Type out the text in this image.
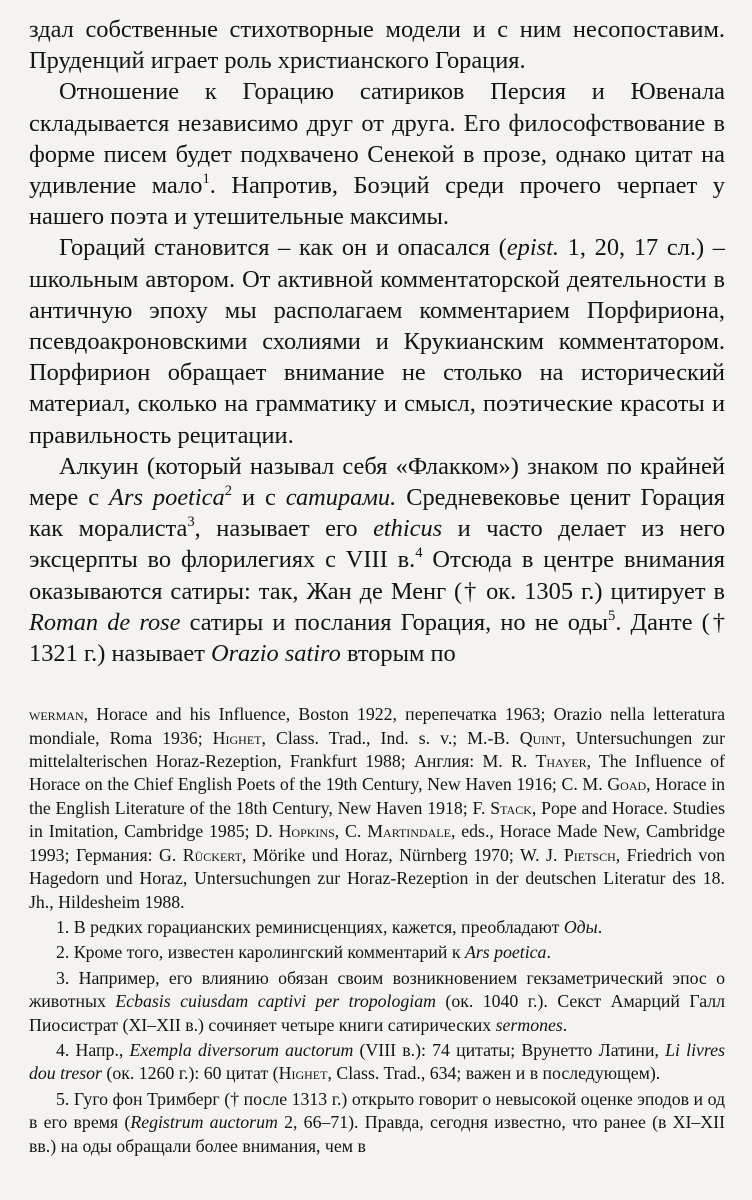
здал собственные стихотворные модели и с ним несопоставим. Пруденций играет роль христианского Горация.

Отношение к Горацию сатириков Персия и Ювенала складывается независимо друг от друга. Его философствование в форме писем будет подхвачено Сенекой в прозе, однако цитат на удивление мало$^1$. Напротив, Боэций среди прочего черпает у нашего поэта и утешительные максимы.

Гораций становится – как он и опасался (epist. 1, 20, 17 сл.) – школьным автором. От активной комментаторской деятельности в античную эпоху мы располагаем комментарием Порфириона, псевдоакроновскими схолиями и Крукианским комментатором. Порфирион обращает внимание не столько на исторический материал, сколько на грамматику и смысл, поэтические красоты и правильность рецитации.

Алкуин (который называл себя «Флакком») знаком по крайней мере с Ars poetica$^2$ и с сатирами. Средневековье ценит Горация как моралиста$^3$, называет его ethicus и часто делает из него эксцерпты во флорилегиях с VIII в.$^4$ Отсюда в центре внимания оказываются сатиры: так, Жан де Менг († ок. 1305 г.) цитирует в Roman de rose сатиры и послания Горация, но не оды$^5$. Данте († 1321 г.) называет Orazio satiro вторым по

werman, Horace and his Influence, Boston 1922, перепечатка 1963; Orazio nella letteratura mondiale, Roma 1936; Highet, Class. Trad., Ind. s. v.; M.-B. Quint, Untersuchungen zur mittelalterischen Horaz-Rezeption, Frankfurt 1988; Англия: M. R. Thayer, The Influence of Horace on the Chief English Poets of the 19th Century, New Haven 1916; C. M. Goad, Horace in the English Literature of the 18th Century, New Haven 1918; F. Stack, Pope and Horace. Studies in Imitation, Cambridge 1985; D. Hopkins, C. Martindale, eds., Horace Made New, Cambridge 1993; Германия: G. Rückert, Mörike und Horaz, Nürnberg 1970; W. J. Pietsch, Friedrich von Hagedorn und Horaz, Untersuchungen zur Horaz-Rezeption in der deutschen Literatur des 18. Jh., Hildesheim 1988.

1. В редких горацианских реминисценциях, кажется, преобладают Оды.

2. Кроме того, известен каролингский комментарий к Ars poetica.

3. Например, его влиянию обязан своим возникновением гекзаметрический эпос о животных Ecbasis cuiusdam captivi per tropologiam (ок. 1040 г.). Секст Амарций Галл Пиосистрат (XI–XII в.) сочиняет четыре книги сатирических sermones.

4. Напр., Exempla diversorum auctorum (VIII в.): 74 цитаты; Врунетто Латини, Li livres dou tresor (ок. 1260 г.): 60 цитат (Highet, Class. Trad., 634; важен и в последующем).

5. Гуго фон Тримберг († после 1313 г.) открыто говорит о невысокой оценке эподов и од в его время (Registrum auctorum 2, 66–71). Правда, сегодня известно, что ранее (в XI–XII вв.) на оды обращали более внимания, чем в
